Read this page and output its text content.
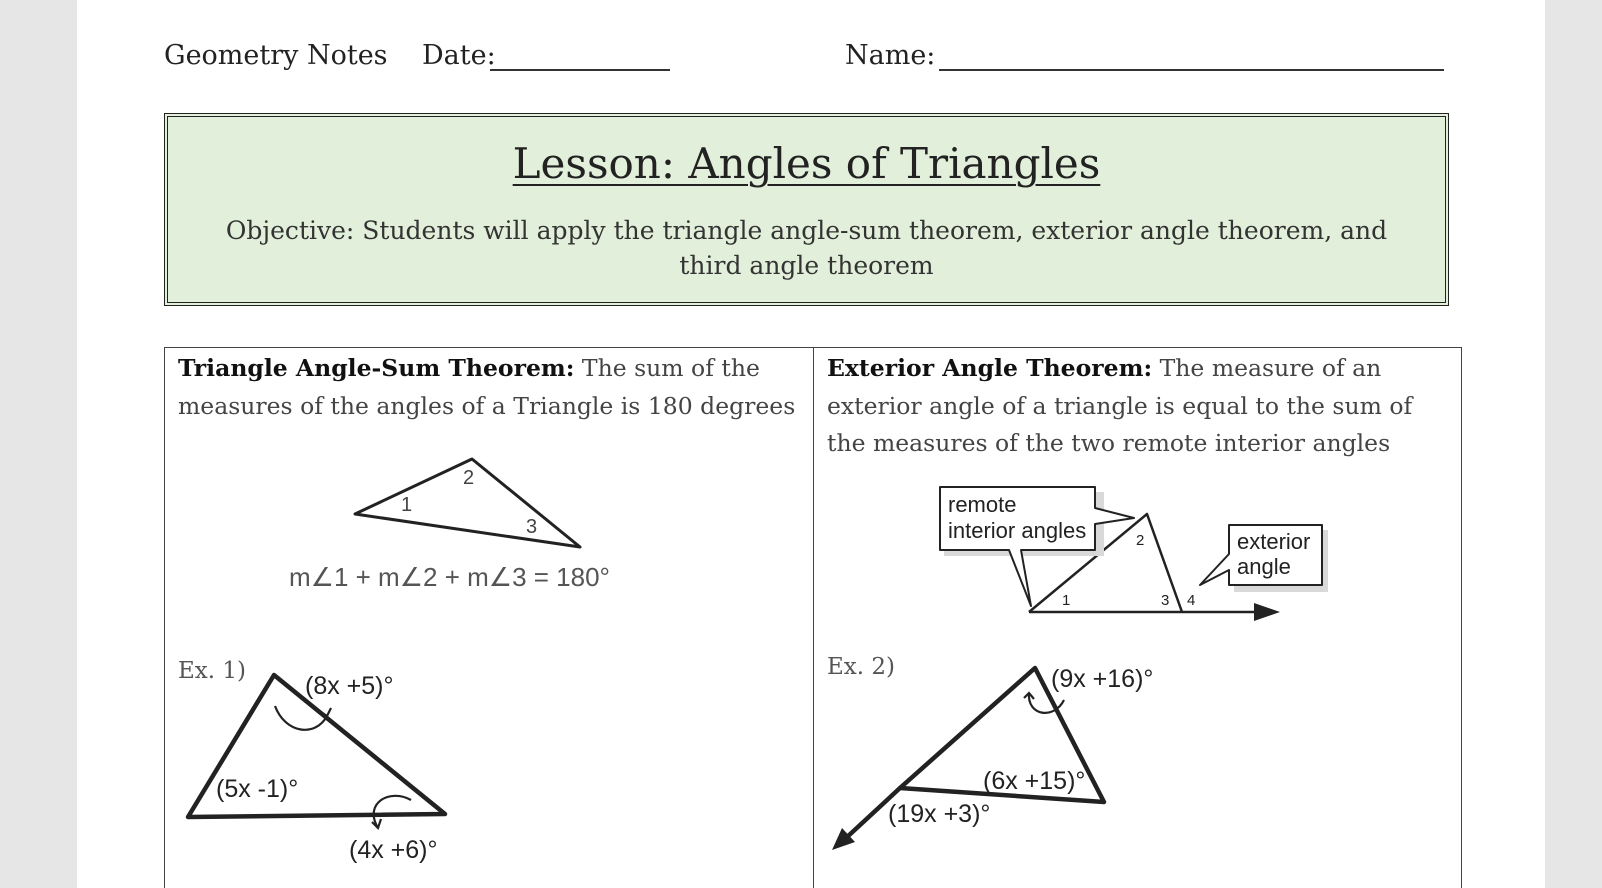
Geometry Notes Date:	Name:
Lesson: Angles of Triangles
Objective: Students will apply the triangle angle-sum theorem, exterior angle theorem, and third angle theorem
Triangle Angle-Sum Theorem: The sum of the measures of the angles of a Triangle is 180 degrees
1
2
3
m∠1 + m∠2 + m∠3 = 180°
(8x +5)°
(5x -1)°
(4x +6)°
Ex. 1)
Exterior Angle Theorem: The measure of an exterior angle of a triangle is equal to the sum of the measures of the two remote interior angles
1
2
3 4
remote
interior angles	exterior
angle
(9x +16)°
(6x +15)°
(19x +3)°
Ex. 2)
